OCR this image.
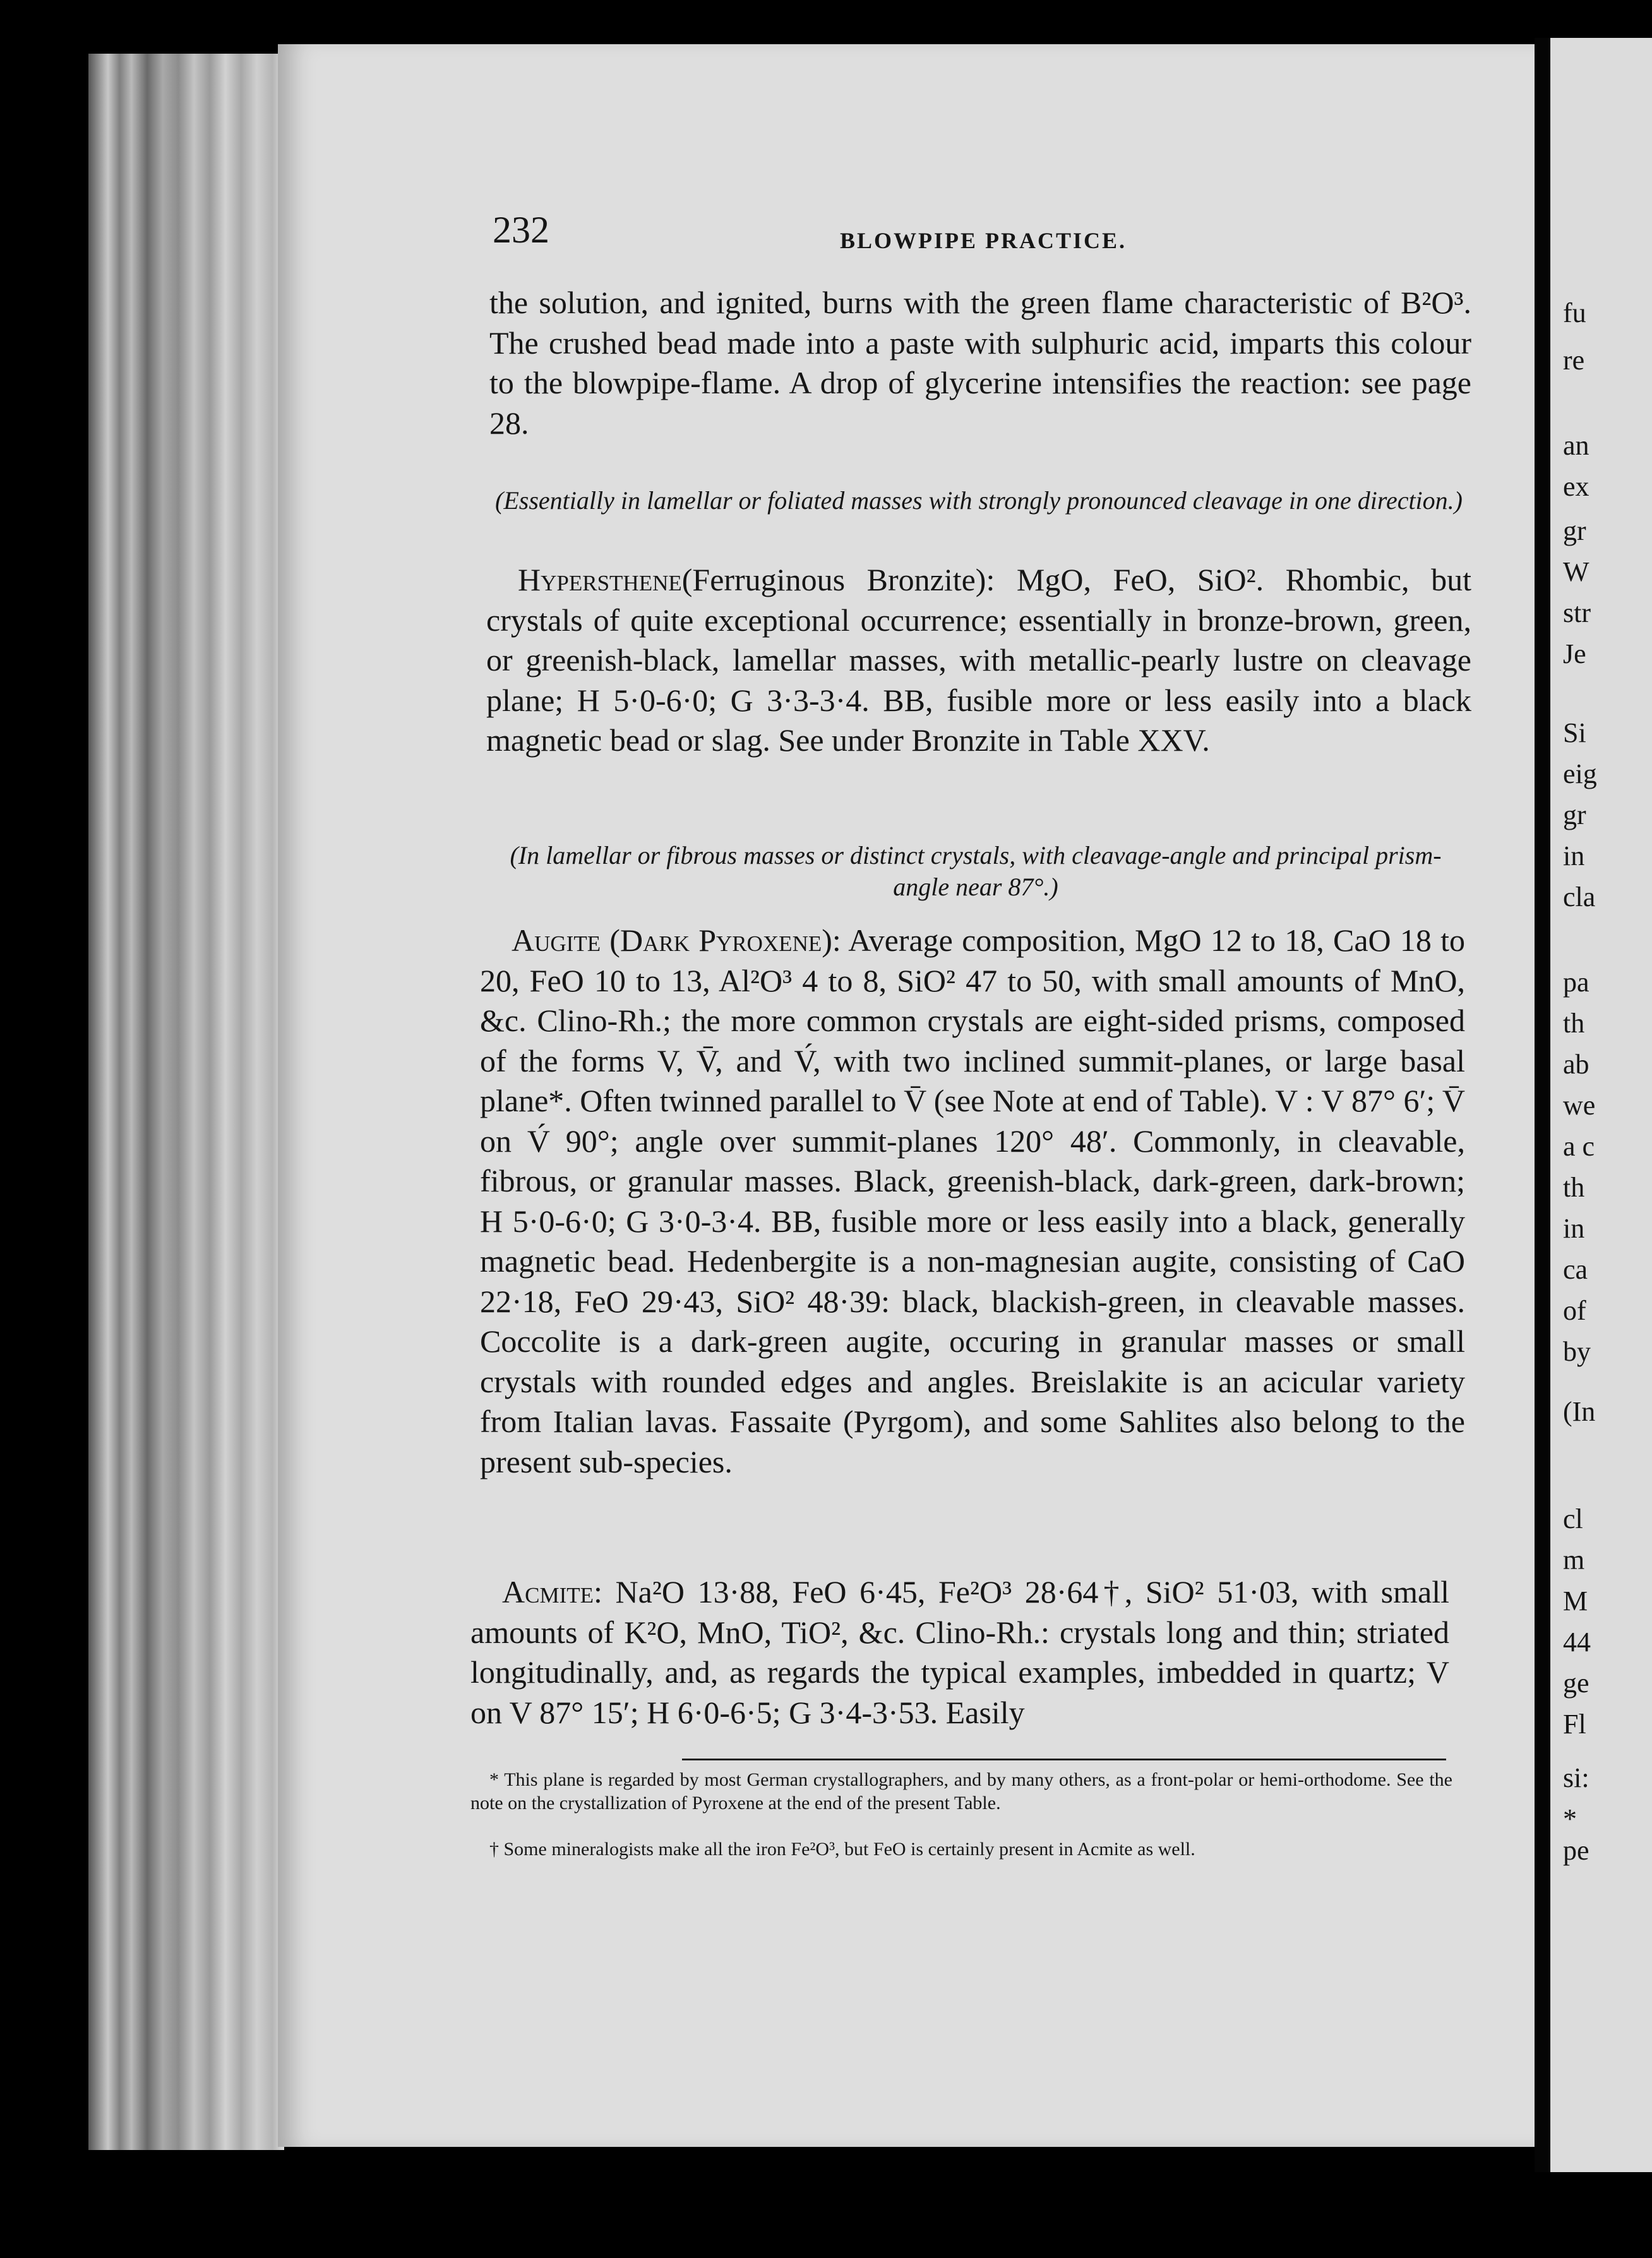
232	BLOWPIPE PRACTICE.

the solution, and ignited, burns with the green flame characteristic of B²O³. The crushed bead made into a paste with sulphuric acid, imparts this colour to the blowpipe-flame. A drop of glycerine intensifies the reaction: see page 28.

(Essentially in lamellar or foliated masses with strongly pronounced cleavage in one direction.)

Hypersthene(Ferruginous Bronzite): MgO, FeO, SiO². Rhombic, but crystals of quite exceptional occurrence; essentially in bronze-brown, green, or greenish-black, lamellar masses, with metallic-pearly lustre on cleavage plane; H 5·0-6·0; G 3·3-3·4. BB, fusible more or less easily into a black magnetic bead or slag. See under Bronzite in Table XXV.

(In lamellar or fibrous masses or distinct crystals, with cleavage-angle and principal prism-angle near 87°.)

Augite (Dark Pyroxene): Average composition, MgO 12 to 18, CaO 18 to 20, FeO 10 to 13, Al²O³ 4 to 8, SiO² 47 to 50, with small amounts of MnO, &c. Clino-Rh.; the more common crystals are eight-sided prisms, composed of the forms V, V̄, and V́, with two inclined summit-planes, or large basal plane*. Often twinned parallel to V̄ (see Note at end of Table). V : V 87° 6′; V̄ on V́ 90°; angle over summit-planes 120° 48′. Commonly, in cleavable, fibrous, or granular masses. Black, greenish-black, dark-green, dark-brown; H 5·0-6·0; G 3·0-3·4. BB, fusible more or less easily into a black, generally magnetic bead. Hedenbergite is a non-magnesian augite, consisting of CaO 22·18, FeO 29·43, SiO² 48·39: black, blackish-green, in cleavable masses. Coccolite is a dark-green augite, occuring in granular masses or small crystals with rounded edges and angles. Breislakite is an acicular variety from Italian lavas. Fassaite (Pyrgom), and some Sahlites also belong to the present sub-species.

Acmite: Na²O 13·88, FeO 6·45, Fe²O³ 28·64†, SiO² 51·03, with small amounts of K²O, MnO, TiO², &c. Clino-Rh.: crystals long and thin; striated longitudinally, and, as regards the typical examples, imbedded in quartz; V on V 87° 15′; H 6·0-6·5; G 3·4-3·53. Easily

* This plane is regarded by most German crystallographers, and by many others, as a front-polar or hemi-orthodome. See the note on the crystallization of Pyroxene at the end of the present Table.
† Some mineralogists make all the iron Fe²O³, but FeO is certainly present in Acmite as well.
fu
re
an
ex
gr
W
str
Je
Si
eig
gr
in
cla
pa
th
ab
we
a c
th
in
ca
of
by
(In
cl
m
M
44
ge
Fl
si:
*
pe
